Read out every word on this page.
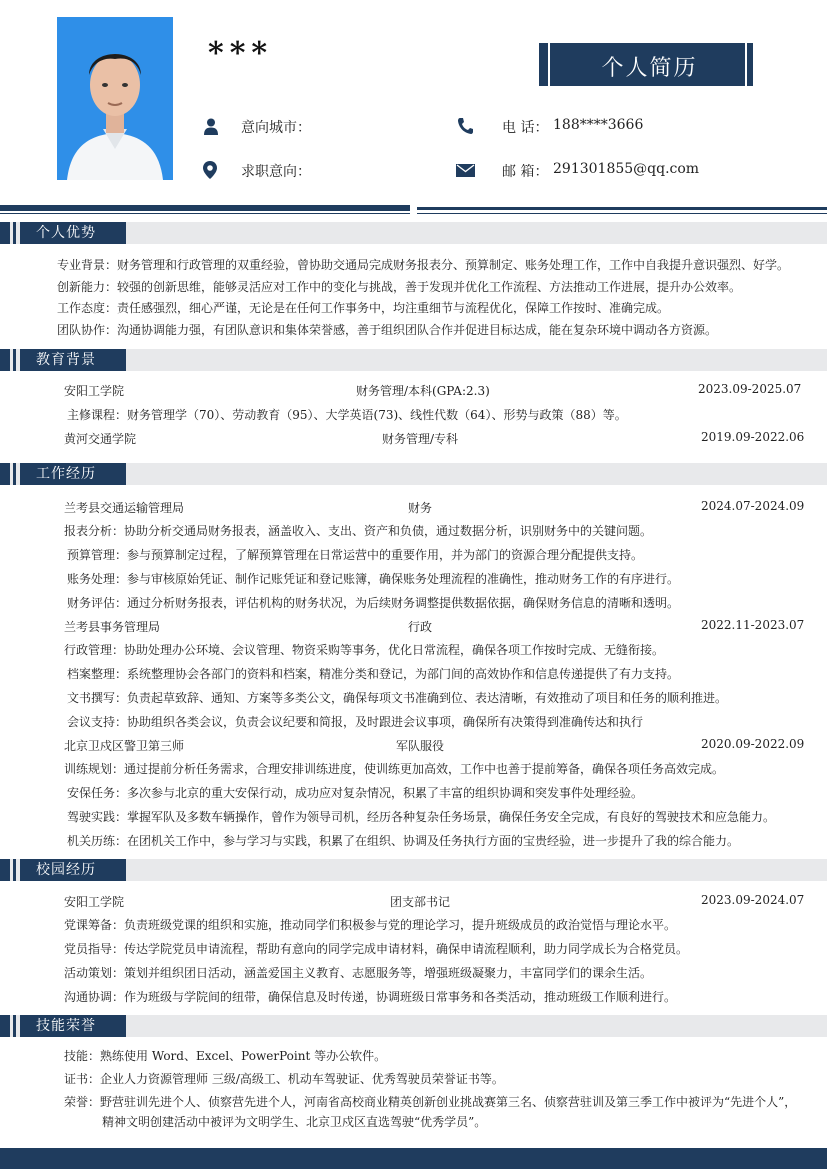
***	个人简历
意向城市：	电 话： 188****3666
求职意向：	邮 箱： 291301855@qq.com
个人优势
专业背景：财务管理和行政管理的双重经验，曾协助交通局完成财务报表分、预算制定、账务处理工作，工作中自我提升意识强烈、好学。
创新能力：较强的创新思维，能够灵活应对工作中的变化与挑战，善于发现并优化工作流程、方法推动工作进展，提升办公效率。
工作态度：责任感强烈，细心严谨，无论是在任何工作事务中，均注重细节与流程优化，保障工作按时、准确完成。
团队协作：沟通协调能力强，有团队意识和集体荣誉感，善于组织团队合作并促进目标达成，能在复杂环境中调动各方资源。
教育背景
安阳工学院	财务管理/本科(GPA:2.3)	2023.09-2025.07
主修课程：财务管理学（70）、劳动教育（95）、大学英语(73)、线性代数（64）、形势与政策（88）等。
黄河交通学院	财务管理/专科	2019.09-2022.06
工作经历
兰考县交通运输管理局	财务	2024.07-2024.09
报表分析：协助分析交通局财务报表，涵盖收入、支出、资产和负债，通过数据分析，识别财务中的关键问题。
预算管理：参与预算制定过程，了解预算管理在日常运营中的重要作用，并为部门的资源合理分配提供支持。
账务处理：参与审核原始凭证、制作记账凭证和登记账簿，确保账务处理流程的准确性，推动财务工作的有序进行。
财务评估：通过分析财务报表，评估机构的财务状况，为后续财务调整提供数据依据，确保财务信息的清晰和透明。
兰考县事务管理局	行政	2022.11-2023.07
行政管理：协助处理办公环境、会议管理、物资采购等事务，优化日常流程，确保各项工作按时完成、无缝衔接。
档案整理：系统整理协会各部门的资料和档案，精准分类和登记，为部门间的高效协作和信息传递提供了有力支持。
文书撰写：负责起草致辞、通知、方案等多类公文，确保每项文书准确到位、表达清晰，有效推动了项目和任务的顺利推进。
会议支持：协助组织各类会议，负责会议纪要和简报，及时跟进会议事项，确保所有决策得到准确传达和执行
北京卫戍区警卫第三师	军队服役	2020.09-2022.09
训练规划：通过提前分析任务需求，合理安排训练进度，使训练更加高效，工作中也善于提前筹备，确保各项任务高效完成。
安保任务：多次参与北京的重大安保行动，成功应对复杂情况，积累了丰富的组织协调和突发事件处理经验。
驾驶实践：掌握军队及多数车辆操作，曾作为领导司机，经历各种复杂任务场景，确保任务安全完成，有良好的驾驶技术和应急能力。
机关历练：在团机关工作中，参与学习与实践，积累了在组织、协调及任务执行方面的宝贵经验，进一步提升了我的综合能力。
校园经历
安阳工学院	团支部书记	2023.09-2024.07
党课筹备：负责班级党课的组织和实施，推动同学们积极参与党的理论学习，提升班级成员的政治觉悟与理论水平。
党员指导：传达学院党员申请流程，帮助有意向的同学完成申请材料，确保申请流程顺利，助力同学成长为合格党员。
活动策划：策划并组织团日活动，涵盖爱国主义教育、志愿服务等，增强班级凝聚力，丰富同学们的课余生活。
沟通协调：作为班级与学院间的纽带，确保信息及时传递，协调班级日常事务和各类活动，推动班级工作顺利进行。
技能荣誉
技能：熟练使用 Word、Excel、PowerPoint 等办公软件。
证书：企业人力资源管理师 三级/高级工、机动车驾驶证、优秀驾驶员荣誉证书等。
荣誉：野营驻训先进个人、侦察营先进个人，河南省高校商业精英创新创业挑战赛第三名、侦察营驻训及第三季工作中被评为“先进个人”，
精神文明创建活动中被评为文明学生、北京卫戍区直选驾驶“优秀学员”。
